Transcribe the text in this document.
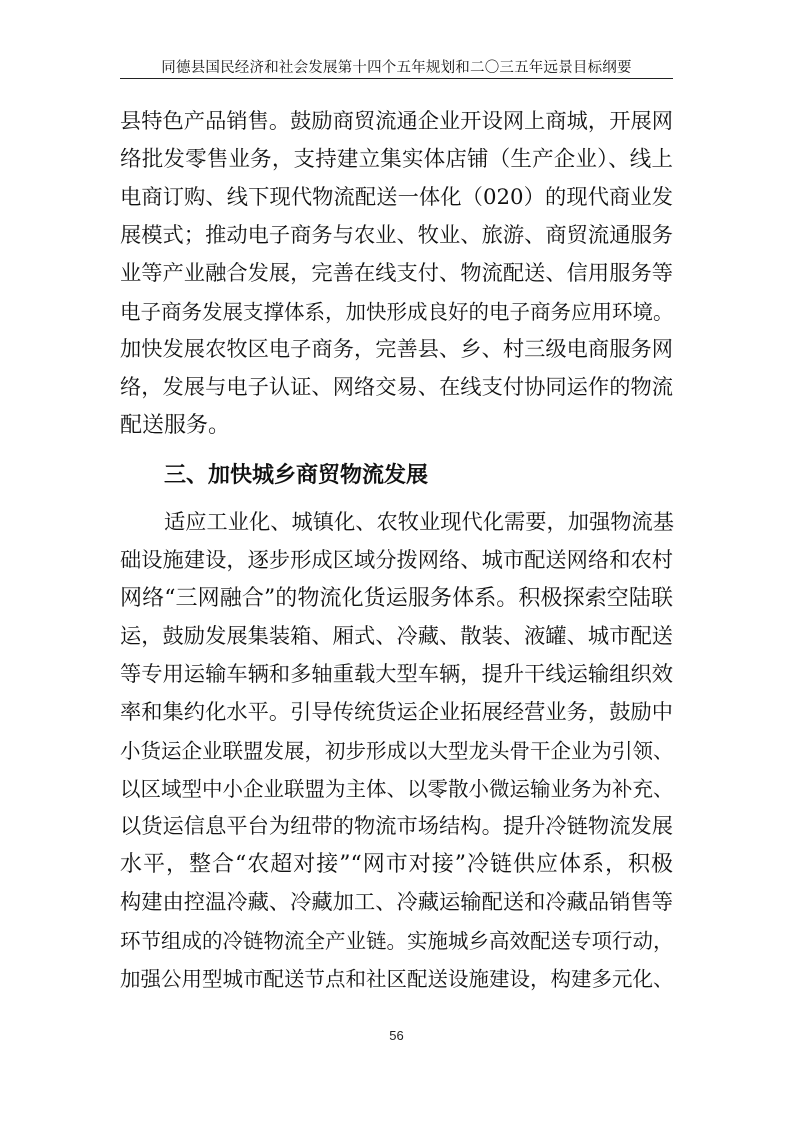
同德县国民经济和社会发展第十四个五年规划和二〇三五年远景目标纲要
县特色产品销售。鼓励商贸流通企业开设网上商城，开展网
络批发零售业务，支持建立集实体店铺（生产企业）、线上
电商订购、线下现代物流配送一体化（020）的现代商业发
展模式；推动电子商务与农业、牧业、旅游、商贸流通服务
业等产业融合发展，完善在线支付、物流配送、信用服务等
电子商务发展支撑体系，加快形成良好的电子商务应用环境。
加快发展农牧区电子商务，完善县、乡、村三级电商服务网
络，发展与电子认证、网络交易、在线支付协同运作的物流
配送服务。
三、加快城乡商贸物流发展
适应工业化、城镇化、农牧业现代化需要，加强物流基
础设施建设，逐步形成区域分拨网络、城市配送网络和农村
网络“三网融合”的物流化货运服务体系。积极探索空陆联
运，鼓励发展集装箱、厢式、冷藏、散装、液罐、城市配送
等专用运输车辆和多轴重载大型车辆，提升干线运输组织效
率和集约化水平。引导传统货运企业拓展经营业务，鼓励中
小货运企业联盟发展，初步形成以大型龙头骨干企业为引领、
以区域型中小企业联盟为主体、以零散小微运输业务为补充、
以货运信息平台为纽带的物流市场结构。提升冷链物流发展
水平，整合“农超对接”“网市对接”冷链供应体系，积极
构建由控温冷藏、冷藏加工、冷藏运输配送和冷藏品销售等
环节组成的冷链物流全产业链。实施城乡高效配送专项行动，
加强公用型城市配送节点和社区配送设施建设，构建多元化、
56
